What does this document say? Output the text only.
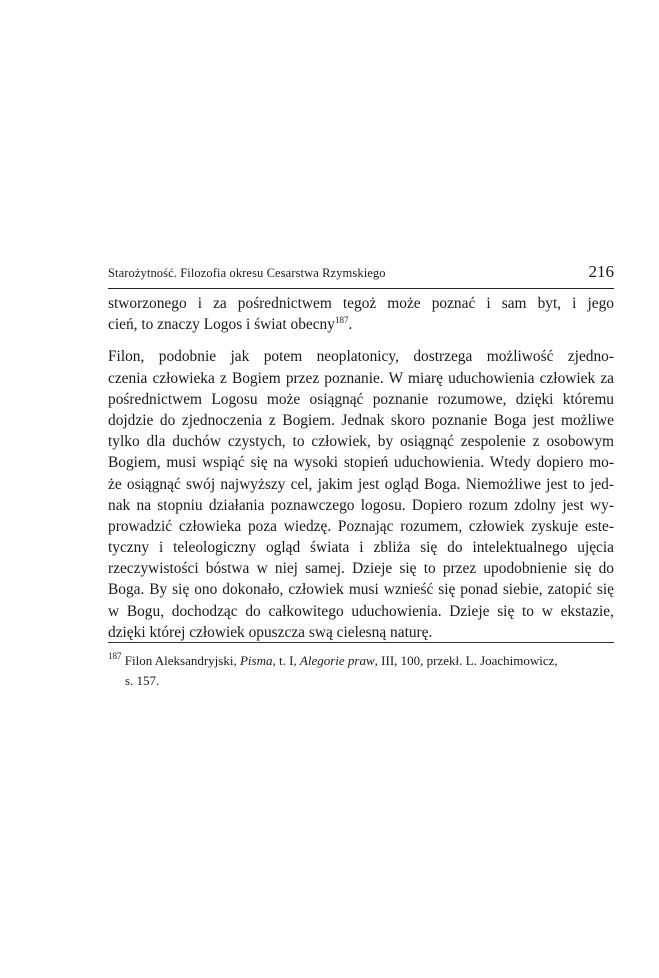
Starożytność. Filozofia okresu Cesarstwa Rzymskiego	216
stworzonego i za pośrednictwem tegoż może poznać i sam byt, i jego
cień, to znaczy Logos i świat obecny$^{187}$.
Filon, podobnie jak potem neoplatonicy, dostrzega możliwość zjedno-
czenia człowieka z Bogiem przez poznanie. W miarę uduchowienia człowiek za
pośrednictwem Logosu może osiągnąć poznanie rozumowe, dzięki któremu
dojdzie do zjednoczenia z Bogiem. Jednak skoro poznanie Boga jest możliwe
tylko dla duchów czystych, to człowiek, by osiągnąć zespolenie z osobowym
Bogiem, musi wspiąć się na wysoki stopień uduchowienia. Wtedy dopiero mo-
że osiągnąć swój najwyższy cel, jakim jest ogląd Boga. Niemożliwe jest to jed-
nak na stopniu działania poznawczego logosu. Dopiero rozum zdolny jest wy-
prowadzić człowieka poza wiedzę. Poznając rozumem, człowiek zyskuje este-
tyczny i teleologiczny ogląd świata i zbliża się do intelektualnego ujęcia
rzeczywistości bóstwa w niej samej. Dzieje się to przez upodobnienie się do
Boga. By się ono dokonało, człowiek musi wznieść się ponad siebie, zatopić się
w Bogu, dochodząc do całkowitego uduchowienia. Dzieje się to w ekstazie,
dzięki której człowiek opuszcza swą cielesną naturę.
$^{187}$ Filon Aleksandryjski, Pisma, t. I, Alegorie praw, III, 100, przekł. L. Joachimowicz,
s. 157.
